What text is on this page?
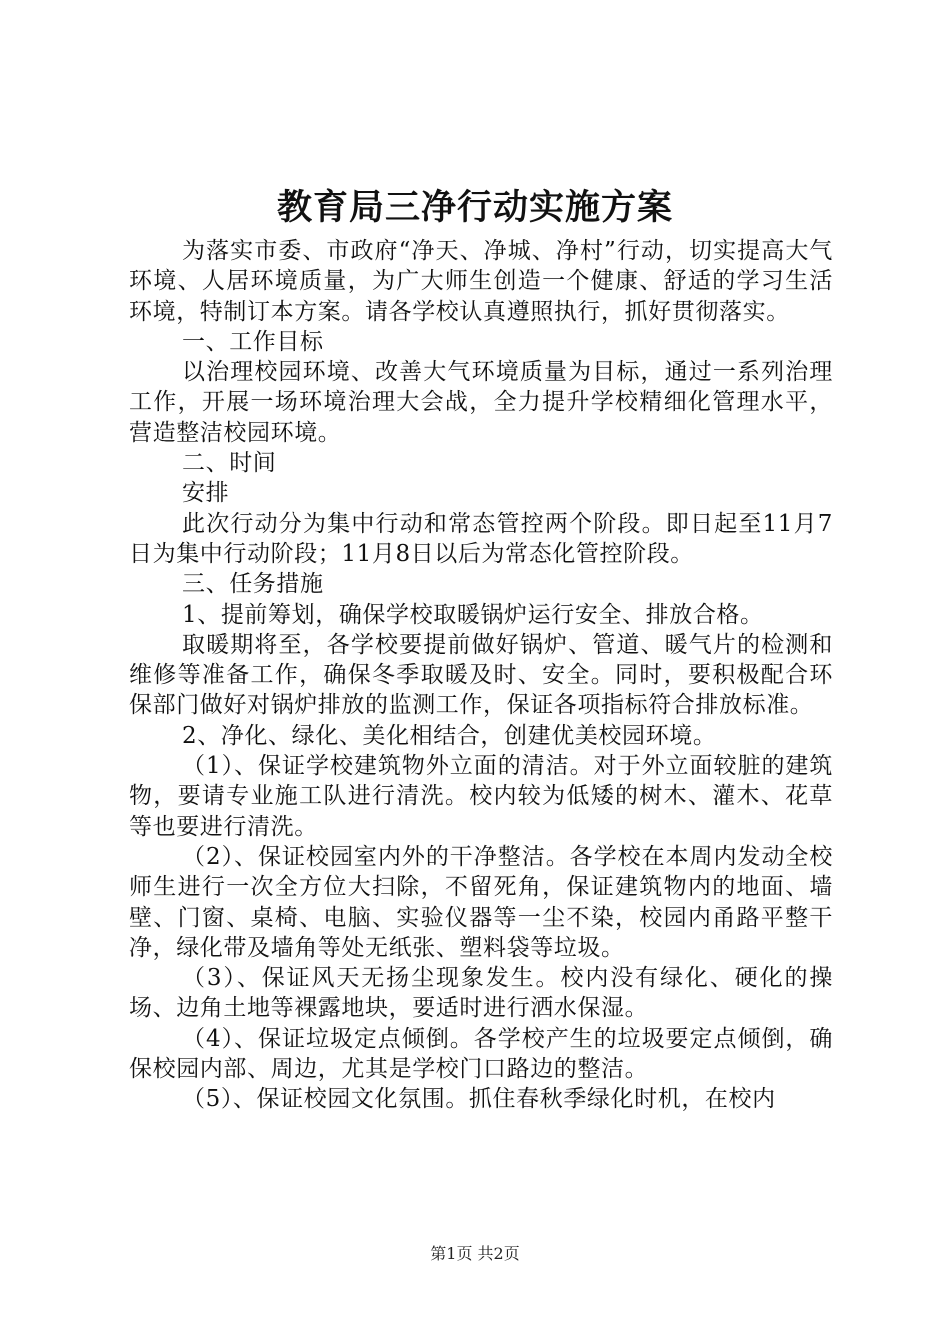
教育局三净行动实施方案

为落实市委、市政府“净天、净城、净村”行动，切实提高大气环境、人居环境质量，为广大师生创造一个健康、舒适的学习生活环境，特制订本方案。请各学校认真遵照执行，抓好贯彻落实。

一、工作目标

以治理校园环境、改善大气环境质量为目标，通过一系列治理工作，开展一场环境治理大会战，全力提升学校精细化管理水平，营造整洁校园环境。

二、时间

安排

此次行动分为集中行动和常态管控两个阶段。即日起至11月7日为集中行动阶段；11月8日以后为常态化管控阶段。

三、任务措施

1、提前筹划，确保学校取暖锅炉运行安全、排放合格。

取暖期将至，各学校要提前做好锅炉、管道、暖气片的检测和维修等准备工作，确保冬季取暖及时、安全。同时，要积极配合环保部门做好对锅炉排放的监测工作，保证各项指标符合排放标准。

2、净化、绿化、美化相结合，创建优美校园环境。

（1）、保证学校建筑物外立面的清洁。对于外立面较脏的建筑物，要请专业施工队进行清洗。校内较为低矮的树木、灌木、花草等也要进行清洗。

（2）、保证校园室内外的干净整洁。各学校在本周内发动全校师生进行一次全方位大扫除，不留死角，保证建筑物内的地面、墙壁、门窗、桌椅、电脑、实验仪器等一尘不染，校园内甬路平整干净，绿化带及墙角等处无纸张、塑料袋等垃圾。

（3）、保证风天无扬尘现象发生。校内没有绿化、硬化的操场、边角土地等裸露地块，要适时进行洒水保湿。

（4）、保证垃圾定点倾倒。各学校产生的垃圾要定点倾倒，确保校园内部、周边，尤其是学校门口路边的整洁。

（5）、保证校园文化氛围。抓住春秋季绿化时机，在校内

第1页 共2页
